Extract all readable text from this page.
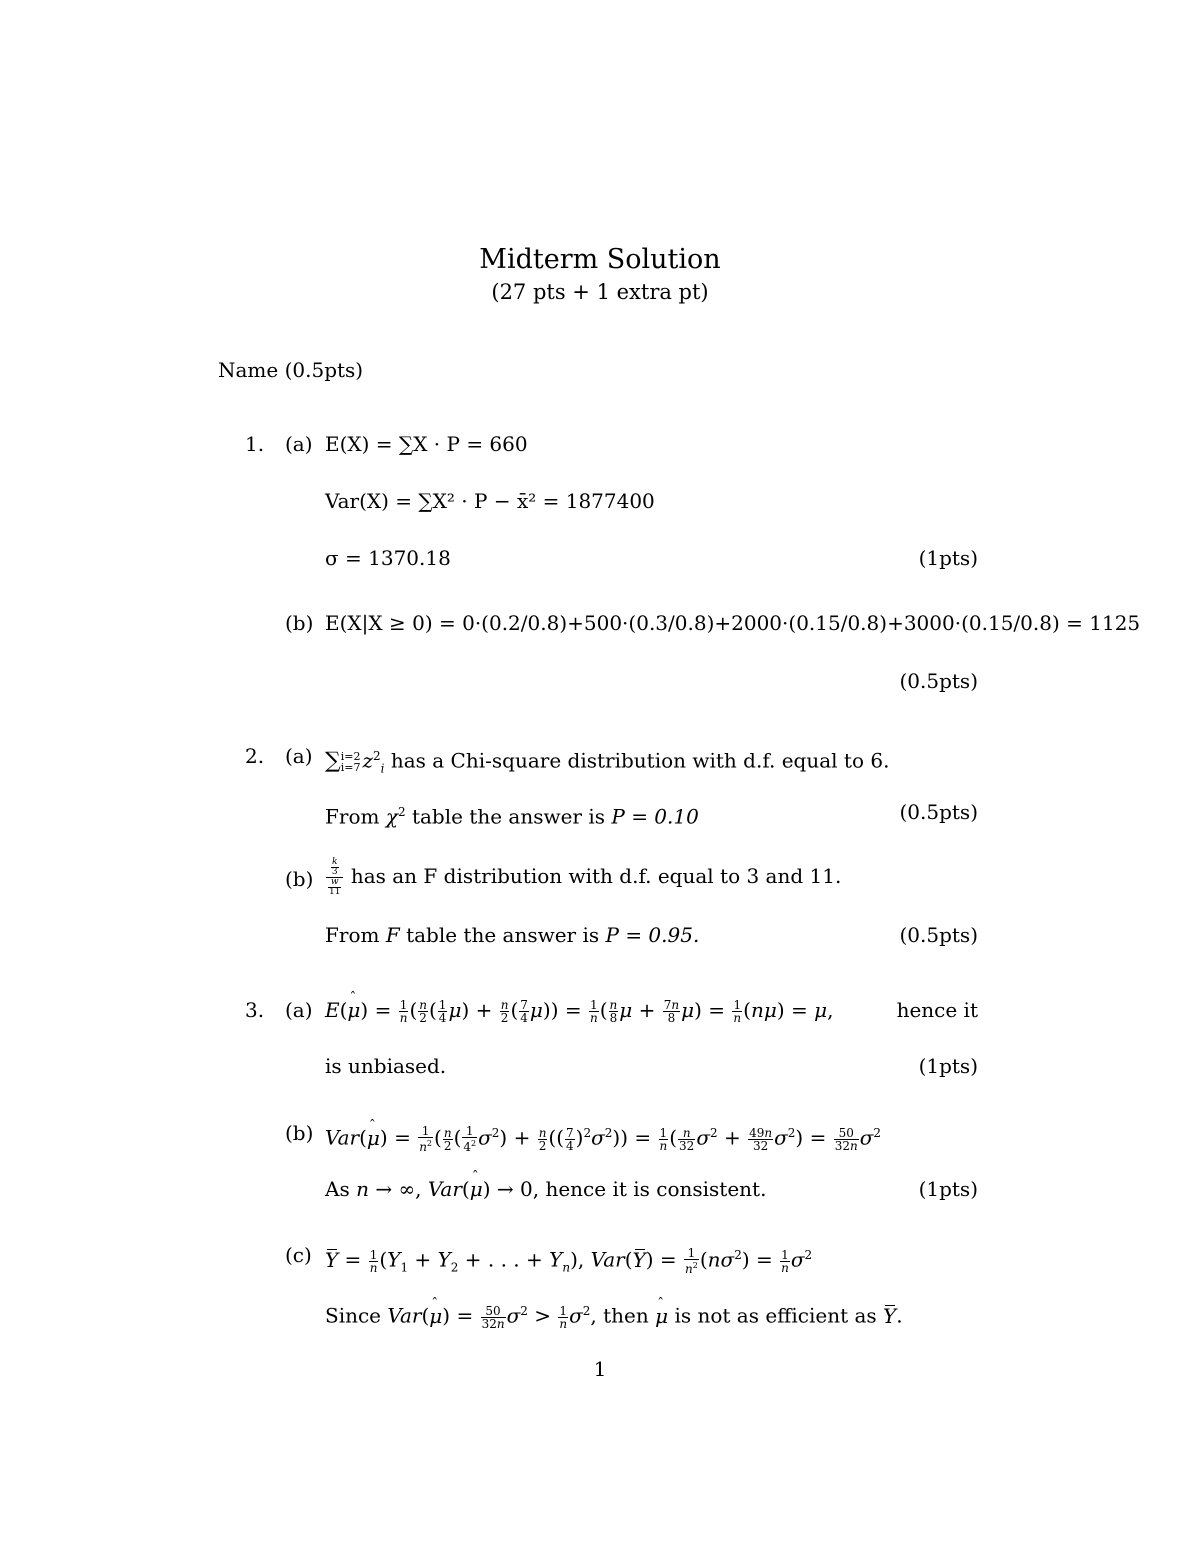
Midterm Solution
(27 pts + 1 extra pt)
Name (0.5pts)
1. (a) E(X) = ∑X · P = 660
Var(X) = ∑X² · P − x̄² = 1877400
σ = 1370.18	(1pts)
(b) E(X|X ≥ 0) = 0·(0.2/0.8)+500·(0.3/0.8)+2000·(0.15/0.8)+3000·(0.15/0.8) = 1125
(0.5pts)
2. (a) ∑i=2
i=7 $z^2_i$ has a Chi-square distribution with d.f. equal to 6.
From $\chi^2$ table the answer is P = 0.10	(0.5pts)
$(b) \frac{\frac{k}{3}}{\frac{w}{11}}$ has an F distribution with d.f. equal to 3 and 11.
From F table the answer is P = 0.95.	(0.5pts)
3. (a) E(μ ˆ) = $\frac{1}{n}$ ( $\frac{n}{2}$ ( $\frac{1}{4} \mu) + \frac{n}{2}$ ( $\frac{7}{4} \mu)) = \frac{1}{n}$ ( $\frac{n}{8}$ $\mu + \frac{7n}{8} \mu) = \frac{1}{n} (n\mu) = \mu$,	hence it
is unbiased.	(1pts)
(b) Var(μ ˆ) = $\frac{1}{n^2}$ ( $\frac{n}{2}$ ( $\frac{1}{4^2} \sigma^2) + \frac{n}{2}$ (( $\frac{7}{4} )^2\sigma^2)) = \frac{1}{n}$ ( $\frac{n}{32} \sigma^2 + \frac{49n}{32} \sigma^2) = \frac{50}{32n} \sigma^2$
As n → ∞, Var(μ ˆ) → 0, hence it is consistent.	(1pts)
(c) $Y = \frac{1}{n} (Y_1 + Y_2$ + . . . + $Y_n$), $Var(Y) = \frac{1}{n^2} (n\sigma^2) = \frac{1}{n} \sigma^2$
Since Var(μ ˆ) = $\frac{50}{32n} \sigma^2 > \frac{1}{n} \sigma^2$, then μ ˆ is not as efficient as Y.
1
